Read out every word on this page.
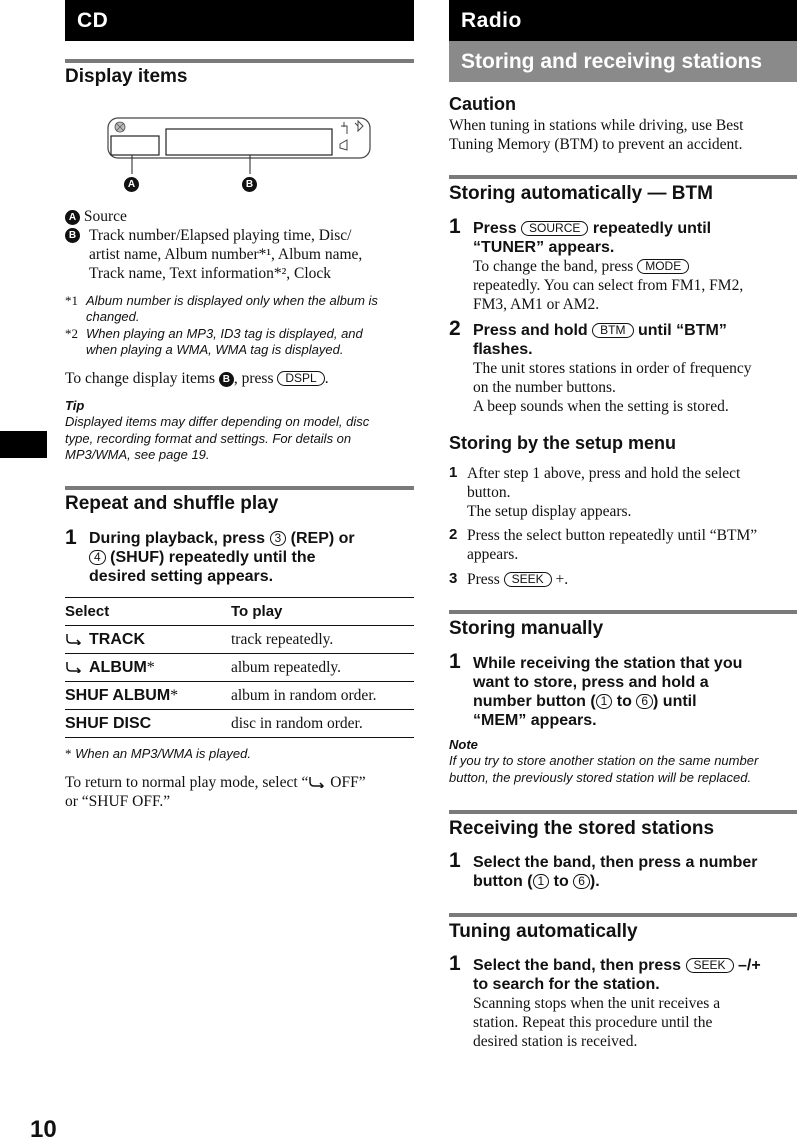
CD
Display items
A	B
A Source
B Track number/Elapsed playing time, Disc/
artist name, Album number*¹, Album name,
Track name, Text information*², Clock
*1 Album number is displayed only when the album is
changed.
*2 When playing an MP3, ID3 tag is displayed, and
when playing a WMA, WMA tag is displayed.
To change display items B , press DSPL .
Tip
Displayed items may differ depending on model, disc
type, recording format and settings. For details on
MP3/WMA, see page 19.
Repeat and shuffle play
1 During playback, press 3 (REP) or
4 (SHUF) repeatedly until the
desired setting appears.
Select	To play
TRACK	track repeatedly.
ALBUM*	album repeatedly.
SHUF ALBUM*	album in random order.
SHUF DISC	disc in random order.
* When an MP3/WMA is played.
To return to normal play mode, select “ OFF”
or “SHUF OFF.”
10
Radio
Storing and receiving stations
Caution
When tuning in stations while driving, use Best
Tuning Memory (BTM) to prevent an accident.
Storing automatically — BTM
1 Press SOURCE repeatedly until
“TUNER” appears.
To change the band, press MODE
repeatedly. You can select from FM1, FM2,
FM3, AM1 or AM2.
2 Press and hold BTM until “BTM”
flashes.
The unit stores stations in order of frequency
on the number buttons.
A beep sounds when the setting is stored.
Storing by the setup menu
1 After step 1 above, press and hold the select
button.
The setup display appears.
2 Press the select button repeatedly until “BTM”
appears.
3 Press SEEK +.
Storing manually
1 While receiving the station that you
want to store, press and hold a
number button ( 1 to 6 ) until
“MEM” appears.
Note
If you try to store another station on the same number
button, the previously stored station will be replaced.
Receiving the stored stations
1 Select the band, then press a number
button ( 1 to 6 ).
Tuning automatically
1 Select the band, then press SEEK –/+
to search for the station.
Scanning stops when the unit receives a
station. Repeat this procedure until the
desired station is received.
